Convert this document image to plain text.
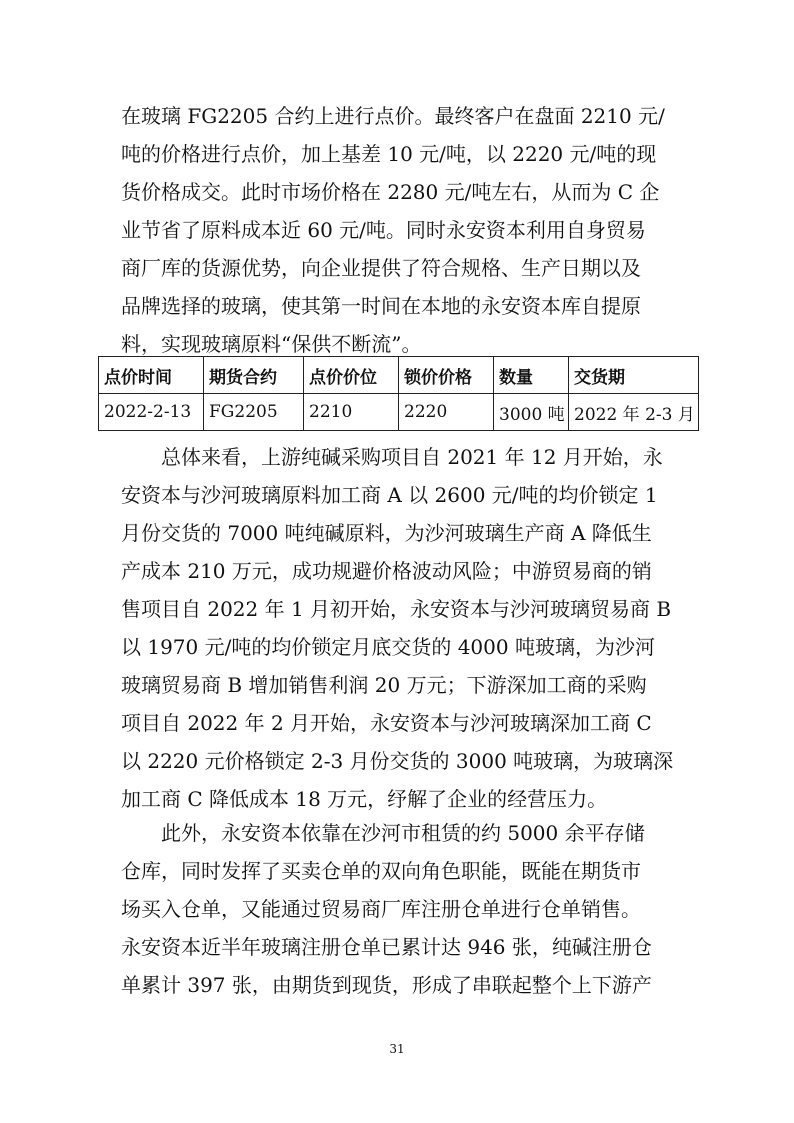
在玻璃 FG2205 合约上进行点价。最终客户在盘面 2210 元/
吨的价格进行点价，加上基差 10 元/吨，以 2220 元/吨的现
货价格成交。此时市场价格在 2280 元/吨左右，从而为 C 企
业节省了原料成本近 60 元/吨。同时永安资本利用自身贸易
商厂库的货源优势，向企业提供了符合规格、生产日期以及
品牌选择的玻璃，使其第一时间在本地的永安资本库自提原
料，实现玻璃原料“保供不断流”。
点价时间	期货合约	点价价位	锁价价格	数量	交货期
2022-2-13	FG2205	2210	2220	3000 吨	2022 年 2-3 月
　　总体来看，上游纯碱采购项目自 2021 年 12 月开始，永
安资本与沙河玻璃原料加工商 A 以 2600 元/吨的均价锁定 1
月份交货的 7000 吨纯碱原料，为沙河玻璃生产商 A 降低生
产成本 210 万元，成功规避价格波动风险；中游贸易商的销
售项目自 2022 年 1 月初开始，永安资本与沙河玻璃贸易商 B
以 1970 元/吨的均价锁定月底交货的 4000 吨玻璃，为沙河
玻璃贸易商 B 增加销售利润 20 万元；下游深加工商的采购
项目自 2022 年 2 月开始，永安资本与沙河玻璃深加工商 C
以 2220 元价格锁定 2-3 月份交货的 3000 吨玻璃，为玻璃深
加工商 C 降低成本 18 万元，纾解了企业的经营压力。
　　此外，永安资本依靠在沙河市租赁的约 5000 余平存储
仓库，同时发挥了买卖仓单的双向角色职能，既能在期货市
场买入仓单，又能通过贸易商厂库注册仓单进行仓单销售。
永安资本近半年玻璃注册仓单已累计达 946 张，纯碱注册仓
单累计 397 张，由期货到现货，形成了串联起整个上下游产
31
